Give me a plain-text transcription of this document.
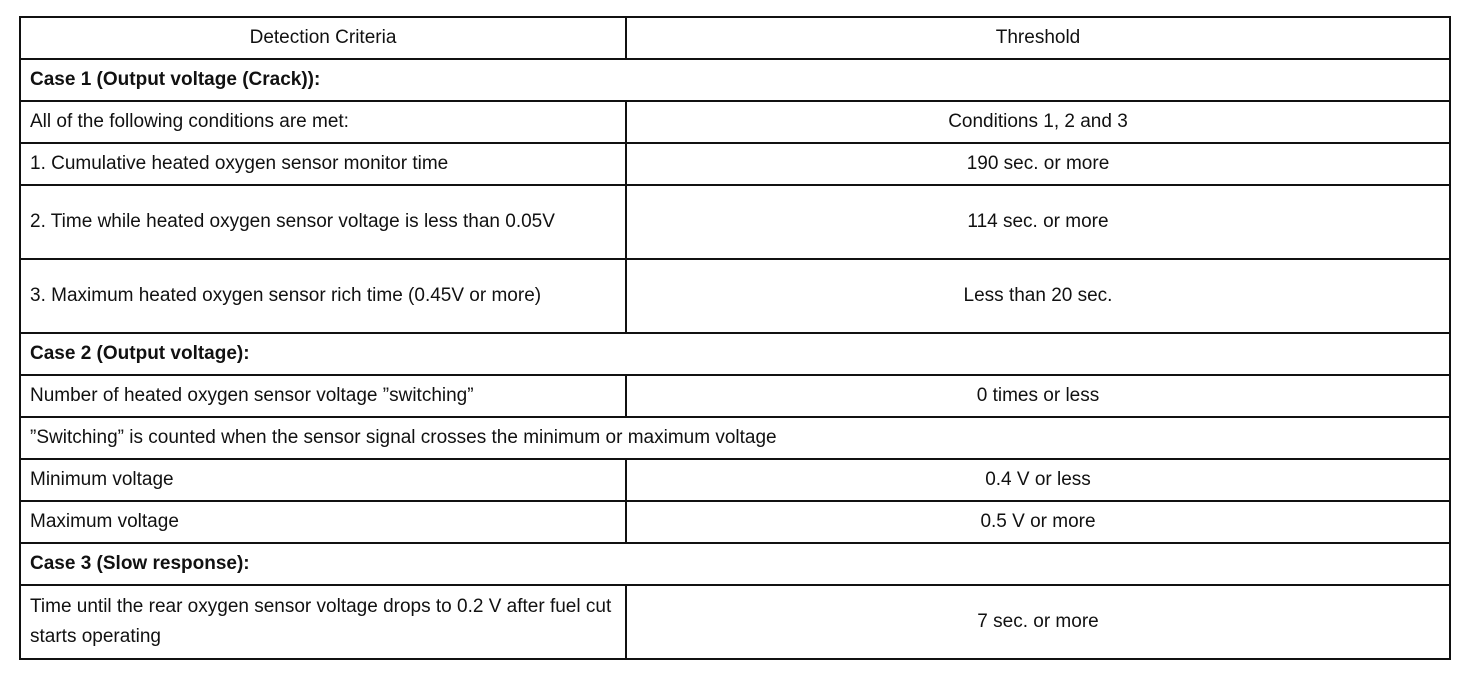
Detection Criteria	Threshold
Case 1 (Output voltage (Crack)):	
All of the following conditions are met:	Conditions 1, 2 and 3
1. Cumulative heated oxygen sensor monitor time	190 sec. or more
2. Time while heated oxygen sensor voltage is less than 0.05V	114 sec. or more
3. Maximum heated oxygen sensor rich time (0.45V or more)	Less than 20 sec.
Case 2 (Output voltage):	
Number of heated oxygen sensor voltage ”switching”	0 times or less
”Switching” is counted when the sensor signal crosses the minimum or maximum voltage	
Minimum voltage	0.4 V or less
Maximum voltage	0.5 V or more
Case 3 (Slow response):	
Time until the rear oxygen sensor voltage drops to 0.2 V after fuel cut starts operating	7 sec. or more
